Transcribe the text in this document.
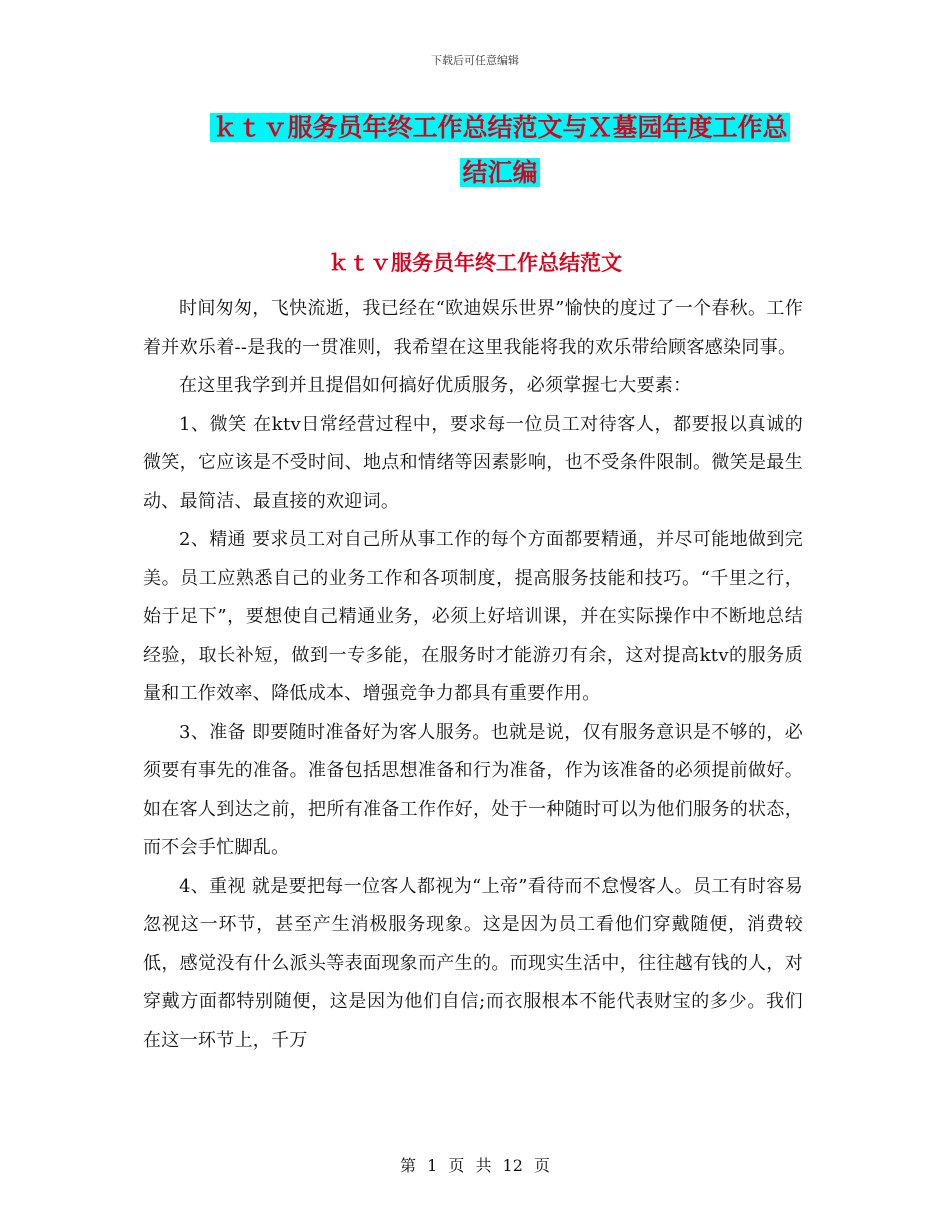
下载后可任意编辑
ｋｔｖ服务员年终工作总结范文与Ｘ墓园年度工作总
结汇编
ｋｔｖ服务员年终工作总结范文

时间匆匆，飞快流逝，我已经在“欧迪娱乐世界”愉快的度过了一个春秋。工作着并欢乐着--是我的一贯准则，我希望在这里我能将我的欢乐带给顾客感染同事。

在这里我学到并且提倡如何搞好优质服务，必须掌握七大要素：

1、微笑 在ktv日常经营过程中，要求每一位员工对待客人，都要报以真诚的微笑，它应该是不受时间、地点和情绪等因素影响，也不受条件限制。微笑是最生动、最简洁、最直接的欢迎词。

2、精通 要求员工对自己所从事工作的每个方面都要精通，并尽可能地做到完美。员工应熟悉自己的业务工作和各项制度，提高服务技能和技巧。“千里之行，始于足下”，要想使自己精通业务，必须上好培训课，并在实际操作中不断地总结经验，取长补短，做到一专多能，在服务时才能游刃有余，这对提高ktv的服务质量和工作效率、降低成本、增强竞争力都具有重要作用。

3、准备 即要随时准备好为客人服务。也就是说，仅有服务意识是不够的，必须要有事先的准备。准备包括思想准备和行为准备，作为该准备的必须提前做好。如在客人到达之前，把所有准备工作作好，处于一种随时可以为他们服务的状态，而不会手忙脚乱。

4、重视 就是要把每一位客人都视为“上帝”看待而不怠慢客人。员工有时容易忽视这一环节，甚至产生消极服务现象。这是因为员工看他们穿戴随便，消费较低，感觉没有什么派头等表面现象而产生的。而现实生活中，往往越有钱的人，对穿戴方面都特别随便，这是因为他们自信;而衣服根本不能代表财宝的多少。我们在这一环节上，千万

第 1 页 共 12 页
